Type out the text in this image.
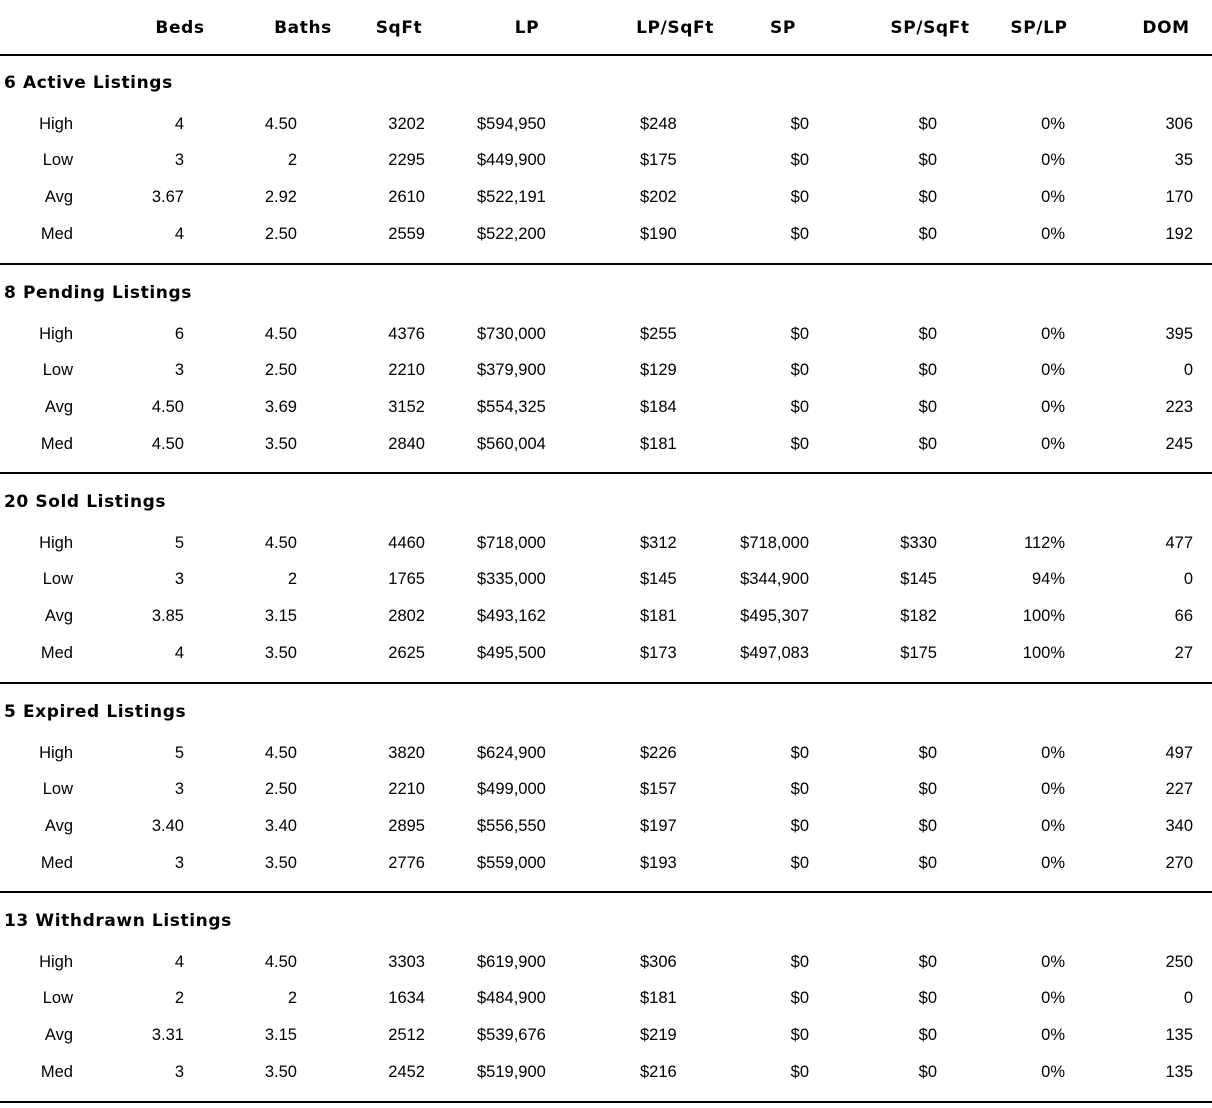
Beds	Baths	SqFt	LP	LP/SqFt	SP	SP/SqFt	SP/LP	DOM
6 Active Listings
High	4	4.50	3202	$594,950	$248	$0	$0	0%	306
Low	3	2	2295	$449,900	$175	$0	$0	0%	35
Avg	3.67	2.92	2610	$522,191	$202	$0	$0	0%	170
Med	4	2.50	2559	$522,200	$190	$0	$0	0%	192
8 Pending Listings
High	6	4.50	4376	$730,000	$255	$0	$0	0%	395
Low	3	2.50	2210	$379,900	$129	$0	$0	0%	0
Avg	4.50	3.69	3152	$554,325	$184	$0	$0	0%	223
Med	4.50	3.50	2840	$560,004	$181	$0	$0	0%	245
20 Sold Listings
High	5	4.50	4460	$718,000	$312	$718,000	$330	112%	477
Low	3	2	1765	$335,000	$145	$344,900	$145	94%	0
Avg	3.85	3.15	2802	$493,162	$181	$495,307	$182	100%	66
Med	4	3.50	2625	$495,500	$173	$497,083	$175	100%	27
5 Expired Listings
High	5	4.50	3820	$624,900	$226	$0	$0	0%	497
Low	3	2.50	2210	$499,000	$157	$0	$0	0%	227
Avg	3.40	3.40	2895	$556,550	$197	$0	$0	0%	340
Med	3	3.50	2776	$559,000	$193	$0	$0	0%	270
13 Withdrawn Listings
High	4	4.50	3303	$619,900	$306	$0	$0	0%	250
Low	2	2	1634	$484,900	$181	$0	$0	0%	0
Avg	3.31	3.15	2512	$539,676	$219	$0	$0	0%	135
Med	3	3.50	2452	$519,900	$216	$0	$0	0%	135
